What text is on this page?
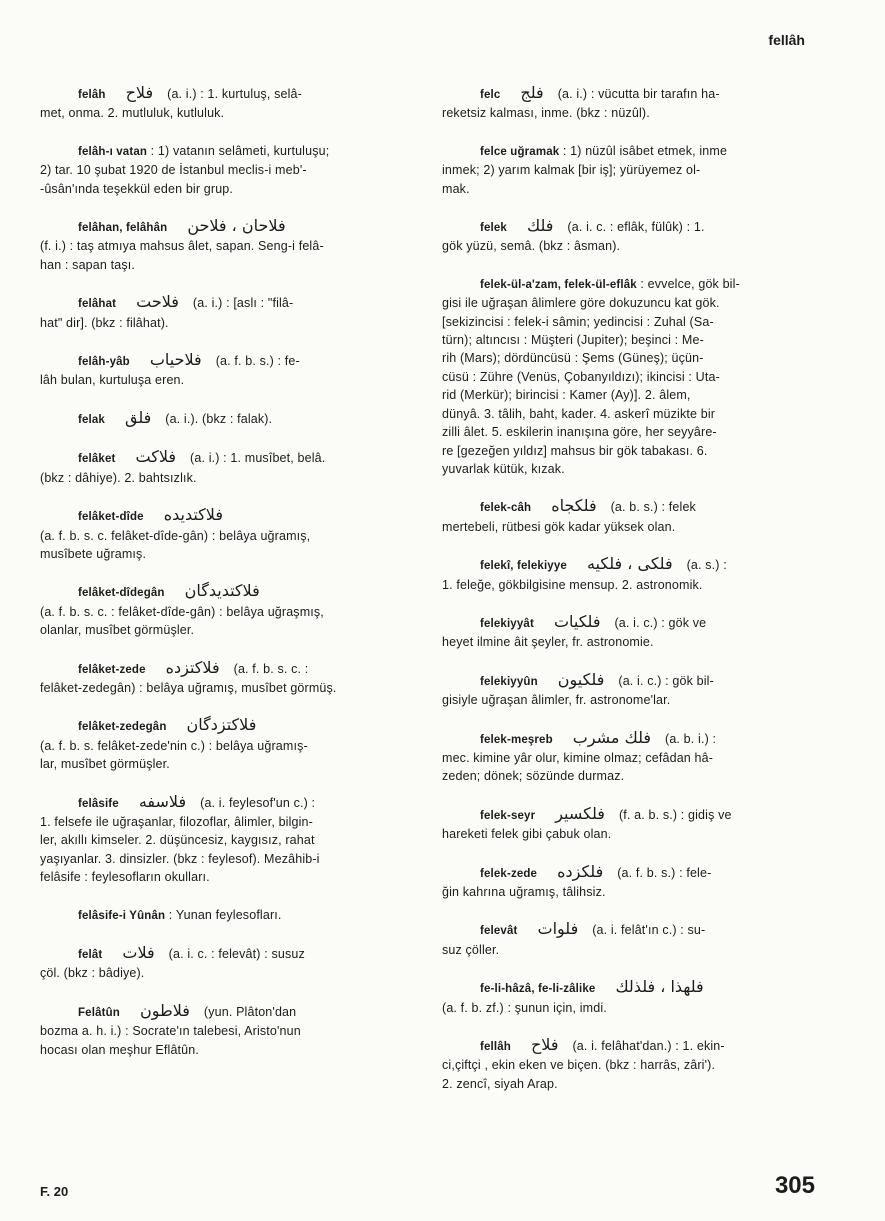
fellâh
felâh فلاح (a. i.) : 1. kurtuluş, selâ-
met, onma. 2. mutluluk, kutluluk.
felâh-ı vatan : 1) vatanın selâmeti, kurtuluşu;
2) tar. 10 şubat 1920 de İstanbul meclis-i meb'-
-ûsân'ında teşekkül eden bir grup.
felâhan, felâhân فلاحان ، فلاحن
(f. i.) : taş atmıya mahsus âlet, sapan. Seng-i felâ-
han : sapan taşı.
felâhat فلاحت (a. i.) : [aslı : "filâ-
hat" dir]. (bkz : filâhat).
felâh-yâb فلاحياب (a. f. b. s.) : fe-
lâh bulan, kurtuluşa eren.
felak فلق (a. i.). (bkz : falak).
felâket فلاكت (a. i.) : 1. musîbet, belâ.
(bkz : dâhiye). 2. bahtsızlık.
felâket-dîde فلاكتديده
(a. f. b. s. c. felâket-dîde-gân) : belâya uğramış,
musîbete uğramış.
felâket-dîdegân فلاكتديدگان
(a. f. b. s. c. : felâket-dîde-gân) : belâya uğraşmış,
olanlar, musîbet görmüşler.
felâket-zede فلاكتزده (a. f. b. s. c. :
felâket-zedegân) : belâya uğramış, musîbet görmüş.
felâket-zedegân فلاكتزدگان
(a. f. b. s. felâket-zede'nin c.) : belâya uğramış-
lar, musîbet görmüşler.
felâsife فلاسفه (a. i. feylesof'un c.) :
1. felsefe ile uğraşanlar, filozoflar, âlimler, bilgin-
ler, akıllı kimseler. 2. düşüncesiz, kaygısız, rahat
yaşıyanlar. 3. dinsizler. (bkz : feylesof). Mezâhib-i
felâsife : feylesofların okulları.
felâsife-i Yûnân : Yunan feylesofları.
felât فلات (a. i. c. : felevât) : susuz
çöl. (bkz : bâdiye).
Felâtûn فلاطون (yun. Plâton'dan
bozma a. h. i.) : Socrate'ın talebesi, Aristo'nun
hocası olan meşhur Eflâtûn.
felc فلج (a. i.) : vücutta bir tarafın ha-
reketsiz kalması, inme. (bkz : nüzûl).
felce uğramak : 1) nüzûl isâbet etmek, inme
inmek; 2) yarım kalmak [bir iş]; yürüyemez ol-
mak.
felek فلك (a. i. c. : eflâk, fülûk) : 1.
gök yüzü, semâ. (bkz : âsman).
felek-ül-a'zam, felek-ül-eflâk : evvelce, gök bil-
gisi ile uğraşan âlimlere göre dokuzuncu kat gök.
[sekizincisi : felek-i sâmin; yedincisi : Zuhal (Sa-
türn); altıncısı : Müşteri (Jupiter); beşinci : Me-
rih (Mars); dördüncüsü : Şems (Güneş); üçün-
cüsü : Zühre (Venüs, Çobanyıldızı); ikincisi : Uta-
rid (Merkür); birincisi : Kamer (Ay)]. 2. âlem,
dünyâ. 3. tâlih, baht, kader. 4. askerî müzikte bir
zilli âlet. 5. eskilerin inanışına göre, her seyyâre-
re [gezeğen yıldız] mahsus bir gök tabakası. 6.
yuvarlak kütük, kızak.
felek-câh فلكجاه (a. b. s.) : felek
mertebeli, rütbesi gök kadar yüksek olan.
felekî, felekiyye فلكى ، فلكيه (a. s.) :
1. feleğe, gökbilgisine mensup. 2. astronomik.
felekiyyât فلكيات (a. i. c.) : gök ve
heyet ilmine âit şeyler, fr. astronomie.
felekiyyûn فلكيون (a. i. c.) : gök bil-
gisiyle uğraşan âlimler, fr. astronome'lar.
felek-meşreb فلك مشرب (a. b. i.) :
mec. kimine yâr olur, kimine olmaz; cefâdan hâ-
zeden; dönek; sözünde durmaz.
felek-seyr فلكسير (f. a. b. s.) : gidiş ve
hareketi felek gibi çabuk olan.
felek-zede فلكزده (a. f. b. s.) : fele-
ğin kahrına uğramış, tâlihsiz.
felevât فلوات (a. i. felât'ın c.) : su-
suz çöller.
fe-li-hâzâ, fe-li-zâlike فلهذا ، فلذلك
(a. f. b. zf.) : şunun için, imdi.
fellâh فلاح (a. i. felâhat'dan.) : 1. ekin-
ci,çiftçi , ekin eken ve biçen. (bkz : harrâs, zâri').
2. zencî, siyah Arap.
F. 20	305
